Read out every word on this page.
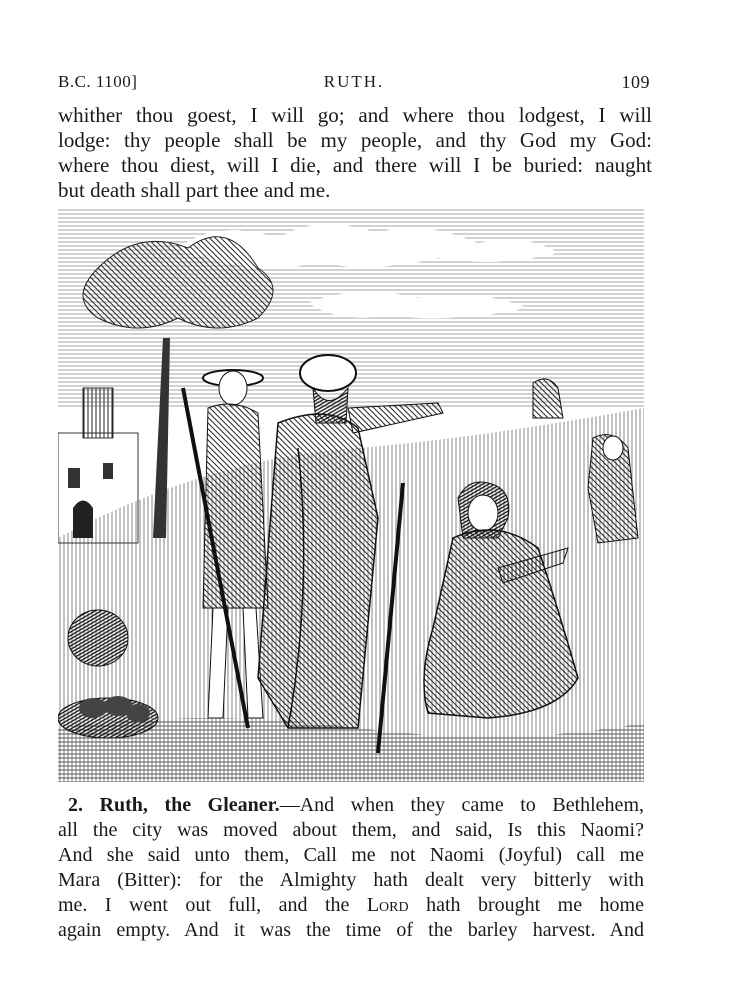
B.C. 1100]	RUTH.	109
whither thou goest, I will go; and where thou lodgest, I will
lodge: thy people shall be my people, and thy God my God:
where thou diest, will I die, and there will I be buried: naught
but death shall part thee and me.
2. Ruth, the Gleaner.—And when they came to Bethlehem,
all the city was moved about them, and said, Is this Naomi?
And she said unto them, Call me not Naomi (Joyful) call me
Mara (Bitter): for the Almighty hath dealt very bitterly with
me. I went out full, and the Lord hath brought me home
again empty. And it was the time of the barley harvest. And
